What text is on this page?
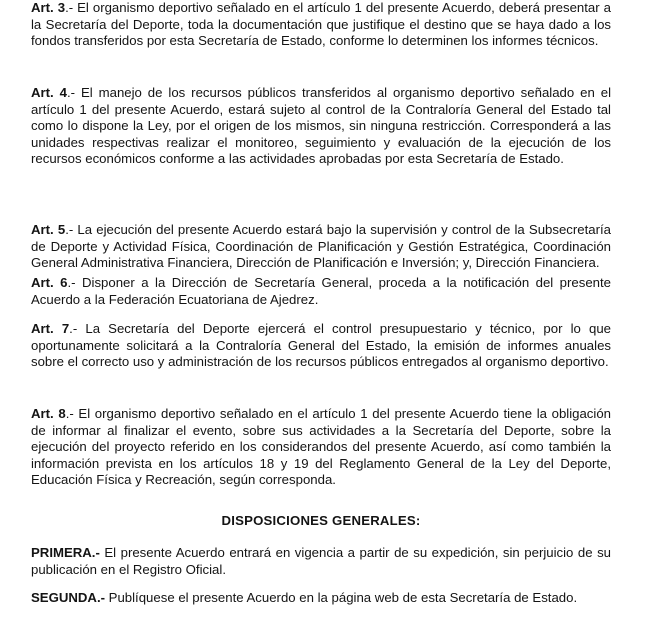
Art. 3.- El organismo deportivo señalado en el artículo 1 del presente Acuerdo, deberá presentar a la Secretaría del Deporte, toda la documentación que justifique el destino que se haya dado a los fondos transferidos por esta Secretaría de Estado, conforme lo determinen los informes técnicos.

Art. 4.- El manejo de los recursos públicos transferidos al organismo deportivo señalado en el artículo 1 del presente Acuerdo, estará sujeto al control de la Contraloría General del Estado tal como lo dispone la Ley, por el origen de los mismos, sin ninguna restricción. Corresponderá a las unidades respectivas realizar el monitoreo, seguimiento y evaluación de la ejecución de los recursos económicos conforme a las actividades aprobadas por esta Secretaría de Estado.

Art. 5.- La ejecución del presente Acuerdo estará bajo la supervisión y control de la Subsecretaría de Deporte y Actividad Física, Coordinación de Planificación y Gestión Estratégica, Coordinación General Administrativa Financiera, Dirección de Planificación e Inversión; y, Dirección Financiera.

Art. 6.- Disponer a la Dirección de Secretaría General, proceda a la notificación del presente Acuerdo a la Federación Ecuatoriana de Ajedrez.

Art. 7.- La Secretaría del Deporte ejercerá el control presupuestario y técnico, por lo que oportunamente solicitará a la Contraloría General del Estado, la emisión de informes anuales sobre el correcto uso y administración de los recursos públicos entregados al organismo deportivo.

Art. 8.- El organismo deportivo señalado en el artículo 1 del presente Acuerdo tiene la obligación de informar al finalizar el evento, sobre sus actividades a la Secretaría del Deporte, sobre la ejecución del proyecto referido en los considerandos del presente Acuerdo, así como también la información prevista en los artículos 18 y 19 del Reglamento General de la Ley del Deporte, Educación Física y Recreación, según corresponda.

DISPOSICIONES GENERALES:

PRIMERA.- El presente Acuerdo entrará en vigencia a partir de su expedición, sin perjuicio de su publicación en el Registro Oficial.

SEGUNDA.- Publíquese el presente Acuerdo en la página web de esta Secretaría de Estado.
